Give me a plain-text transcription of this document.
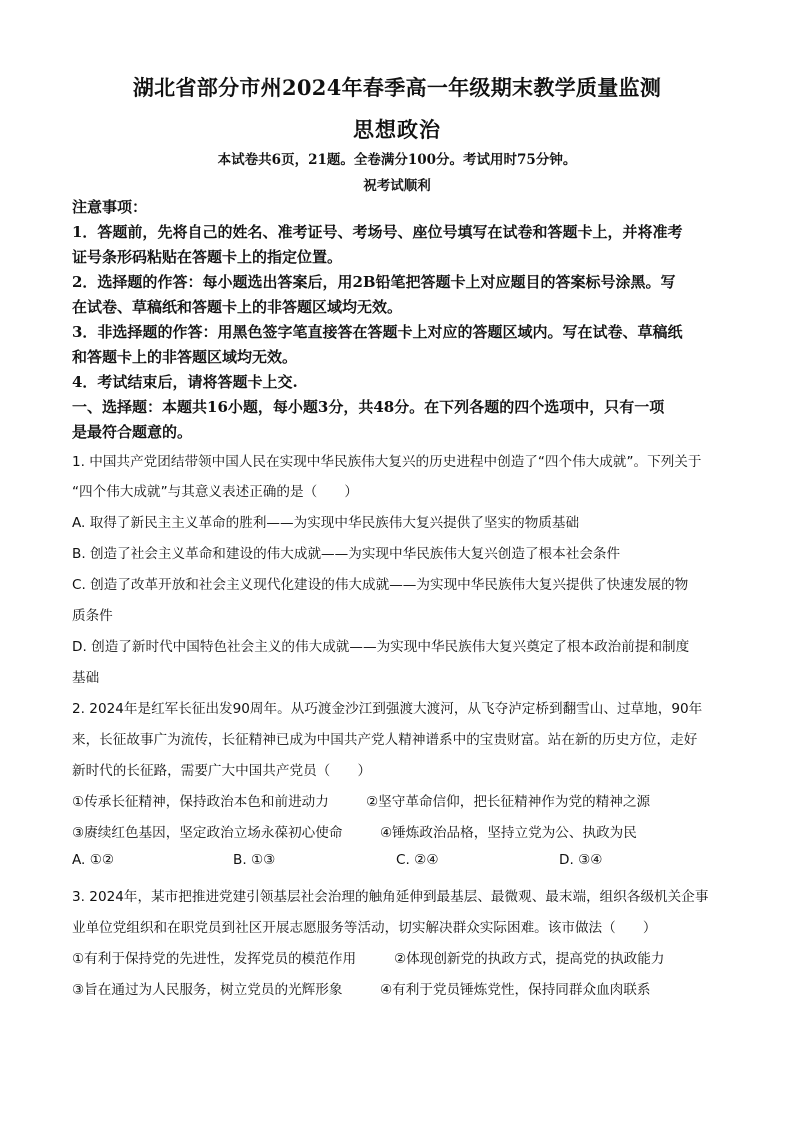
湖北省部分市州2024年春季高一年级期末教学质量监测
思想政治
本试卷共6页，21题。全卷满分100分。考试用时75分钟。
祝考试顺利
注意事项：
1．答题前，先将自己的姓名、准考证号、考场号、座位号填写在试卷和答题卡上，并将准考
证号条形码粘贴在答题卡上的指定位置。
2．选择题的作答：每小题选出答案后，用2B铅笔把答题卡上对应题目的答案标号涂黑。写
在试卷、草稿纸和答题卡上的非答题区域均无效。
3．非选择题的作答：用黑色签字笔直接答在答题卡上对应的答题区域内。写在试卷、草稿纸
和答题卡上的非答题区域均无效。
4．考试结束后，请将答题卡上交.
一、选择题：本题共16小题，每小题3分，共48分。在下列各题的四个选项中，只有一项
是最符合题意的。
1. 中国共产党团结带领中国人民在实现中华民族伟大复兴的历史进程中创造了“四个伟大成就”。下列关于
“四个伟大成就”与其意义表述正确的是（　　）
A. 取得了新民主主义革命的胜利——为实现中华民族伟大复兴提供了坚实的物质基础
B. 创造了社会主义革命和建设的伟大成就——为实现中华民族伟大复兴创造了根本社会条件
C. 创造了改革开放和社会主义现代化建设的伟大成就——为实现中华民族伟大复兴提供了快速发展的物
质条件
D. 创造了新时代中国特色社会主义的伟大成就——为实现中华民族伟大复兴奠定了根本政治前提和制度
基础
2. 2024年是红军长征出发90周年。从巧渡金沙江到强渡大渡河，从飞夺泸定桥到翻雪山、过草地，90年
来，长征故事广为流传，长征精神已成为中国共产党人精神谱系中的宝贵财富。站在新的历史方位，走好
新时代的长征路，需要广大中国共产党员（　　）
①传承长征精神，保持政治本色和前进动力	②坚守革命信仰，把长征精神作为党的精神之源
③赓续红色基因，坚定政治立场永葆初心使命	④锤炼政治品格，坚持立党为公、执政为民
A. ①②	B. ①③	C. ②④	D. ③④
3. 2024年，某市把推进党建引领基层社会治理的触角延伸到最基层、最微观、最末端，组织各级机关企事
业单位党组织和在职党员到社区开展志愿服务等活动，切实解决群众实际困难。该市做法（　　）
①有利于保持党的先进性，发挥党员的模范作用	②体现创新党的执政方式，提高党的执政能力
③旨在通过为人民服务，树立党员的光辉形象	④有利于党员锤炼党性，保持同群众血肉联系
